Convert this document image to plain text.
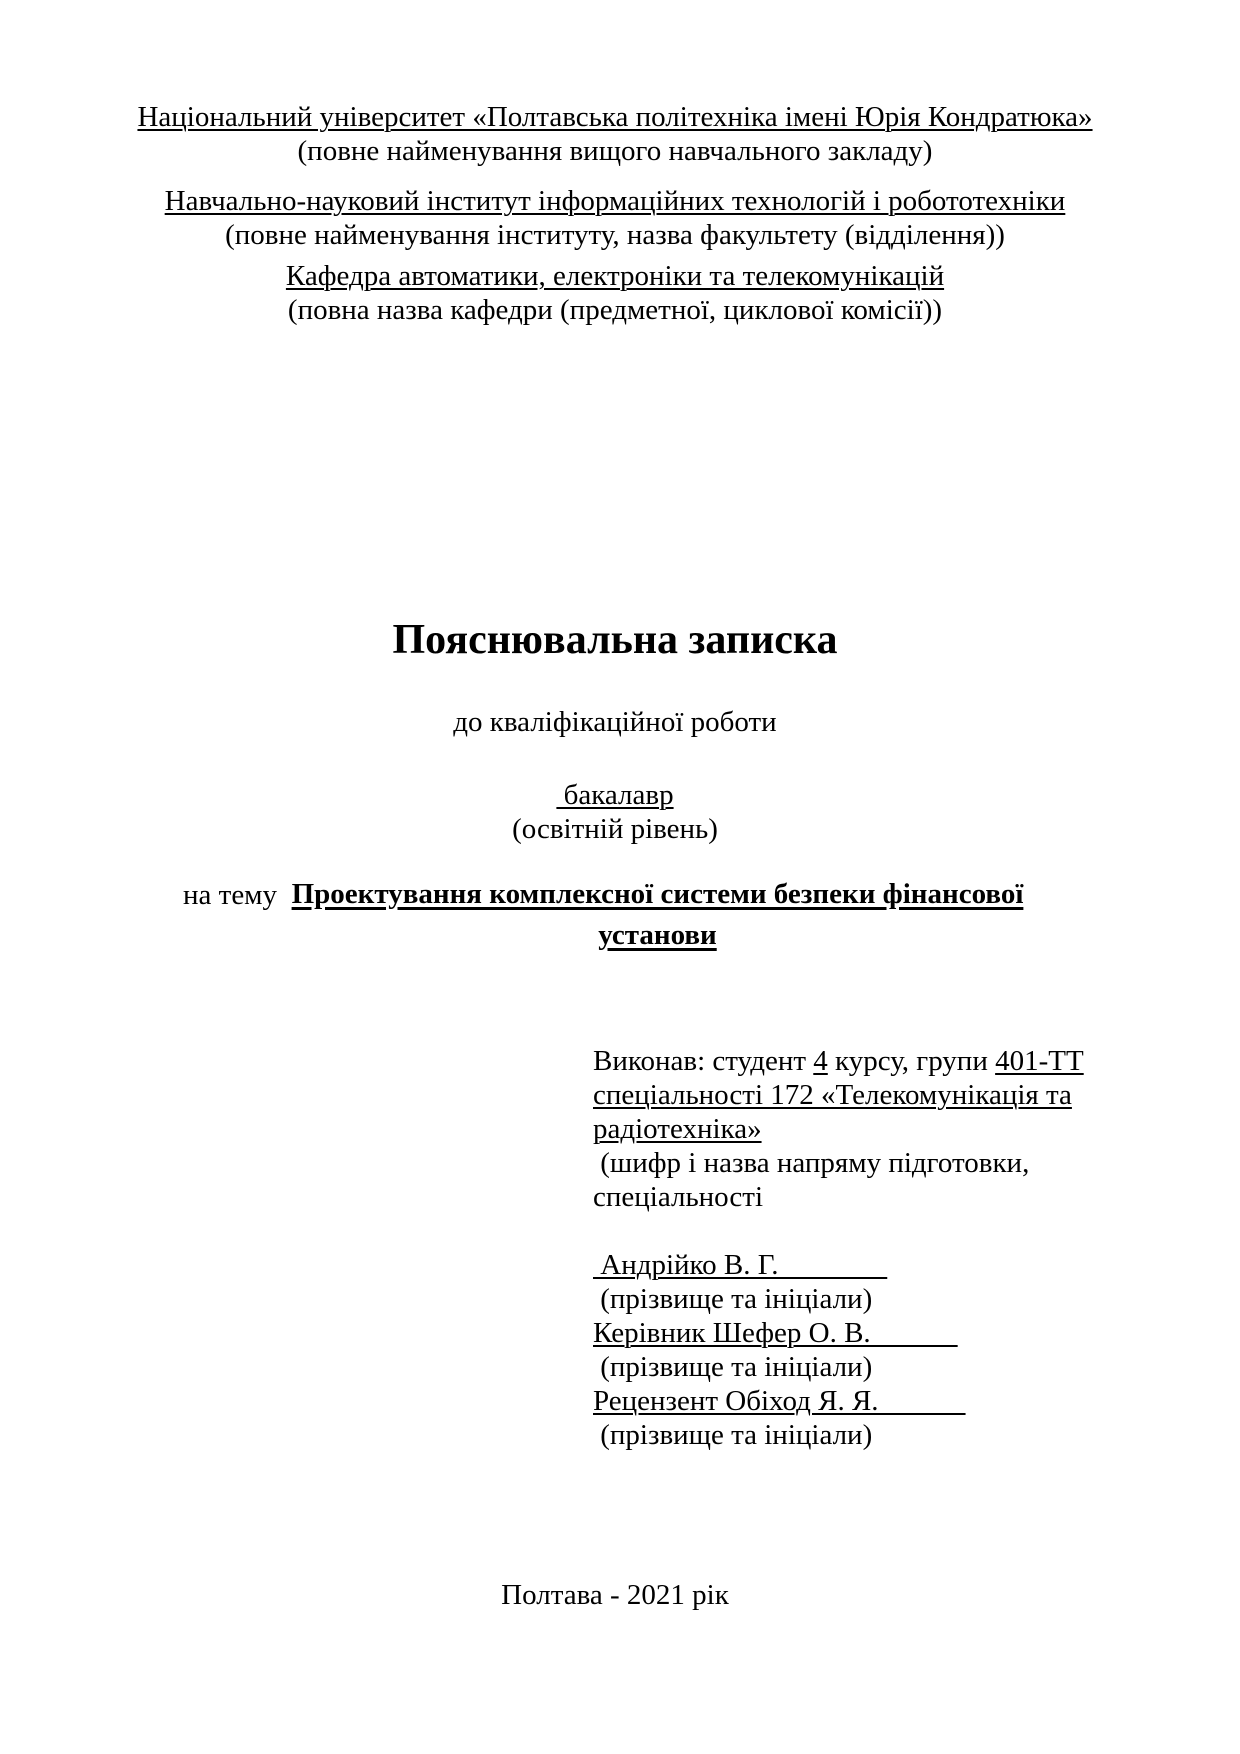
Національний університет «Полтавська політехніка імені Юрія Кондратюка»
(повне найменування вищого навчального закладу)
Навчально-науковий інститут інформаційних технологій і робототехніки
(повне найменування інституту, назва факультету (відділення))
Кафедра автоматики, електроніки та телекомунікацій
(повна назва кафедри (предметної, циклової комісії))
Пояснювальна записка
до кваліфікаційної роботи
бакалавр
(освітній рівень)
на тему Проектування комплексної системи безпеки фінансової установи
Виконав: студент 4 курсу, групи 401-ТТ
спеціальності 172 «Телекомунікація та
радіотехніка»
(шифр і назва напряму підготовки,
спеціальності

Андрійко В. Г.
(прізвище та ініціали)
Керівник Шефер О. В.
(прізвище та ініціали)
Рецензент Обіход Я. Я.
(прізвище та ініціали)
Полтава - 2021 рік
